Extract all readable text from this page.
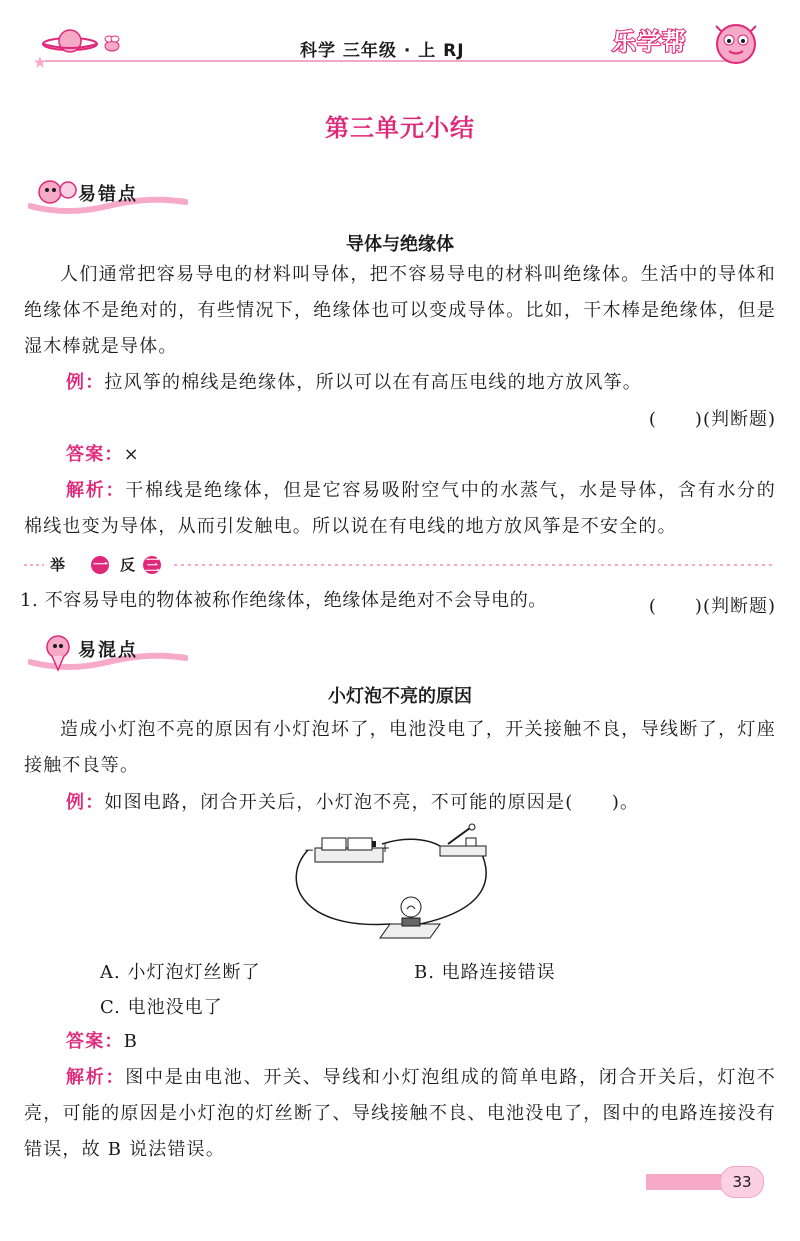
科学 三年级 · 上 RJ	乐学帮
第三单元小结
易错点
导体与绝缘体

人们通常把容易导电的材料叫导体，把不容易导电的材料叫绝缘体。生活中的导体和绝缘体不是绝对的，有些情况下，绝缘体也可以变成导体。比如，干木棒是绝缘体，但是湿木棒就是导体。

例：拉风筝的棉线是绝缘体，所以可以在有高压电线的地方放风筝。
(　　)(判断题)
答案：×
解析：干棉线是绝缘体，但是它容易吸附空气中的水蒸气，水是导体，含有水分的棉线也变为导体，从而引发触电。所以说在有电线的地方放风筝是不安全的。
举 一 反 三
1. 不容易导电的物体被称作绝缘体，绝缘体是绝对不会导电的。	(　　)(判断题)
易混点
小灯泡不亮的原因

造成小灯泡不亮的原因有小灯泡坏了，电池没电了，开关接触不良，导线断了，灯座接触不良等。

例：如图电路，闭合开关后，小灯泡不亮，不可能的原因是(　　)。
−	+
A. 小灯泡灯丝断了	B. 电路连接错误
C. 电池没电了
答案：B
解析：图中是由电池、开关、导线和小灯泡组成的简单电路，闭合开关后，灯泡不亮，可能的原因是小灯泡的灯丝断了、导线接触不良、电池没电了，图中的电路连接没有错误，故 B 说法错误。
33
